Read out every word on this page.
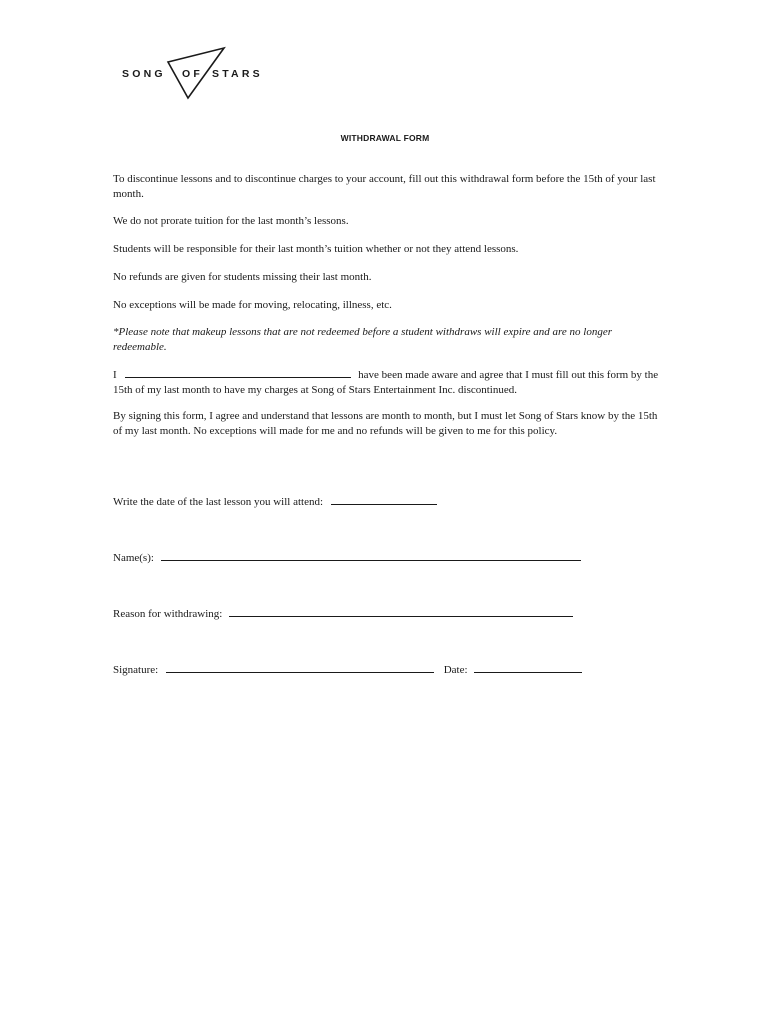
SONG OF STARS
WITHDRAWAL FORM

To discontinue lessons and to discontinue charges to your account, fill out this withdrawal form before the 15th of your last month.

We do not prorate tuition for the last month’s lessons.

Students will be responsible for their last month’s tuition whether or not they attend lessons.

No refunds are given for students missing their last month.

No exceptions will be made for moving, relocating, illness, etc.

*Please note that makeup lessons that are not redeemed before a student withdraws will expire and are no longer redeemable.

I	have been made aware and agree that I must fill out this form by the 15th of my last month to have my charges at Song of Stars Entertainment Inc. discontinued.

By signing this form, I agree and understand that lessons are month to month, but I must let Song of Stars know by the 15th of my last month. No exceptions will made for me and no refunds will be given to me for this policy.

Write the date of the last lesson you will attend:
Name(s):
Reason for withdrawing:
Signature:	Date:
